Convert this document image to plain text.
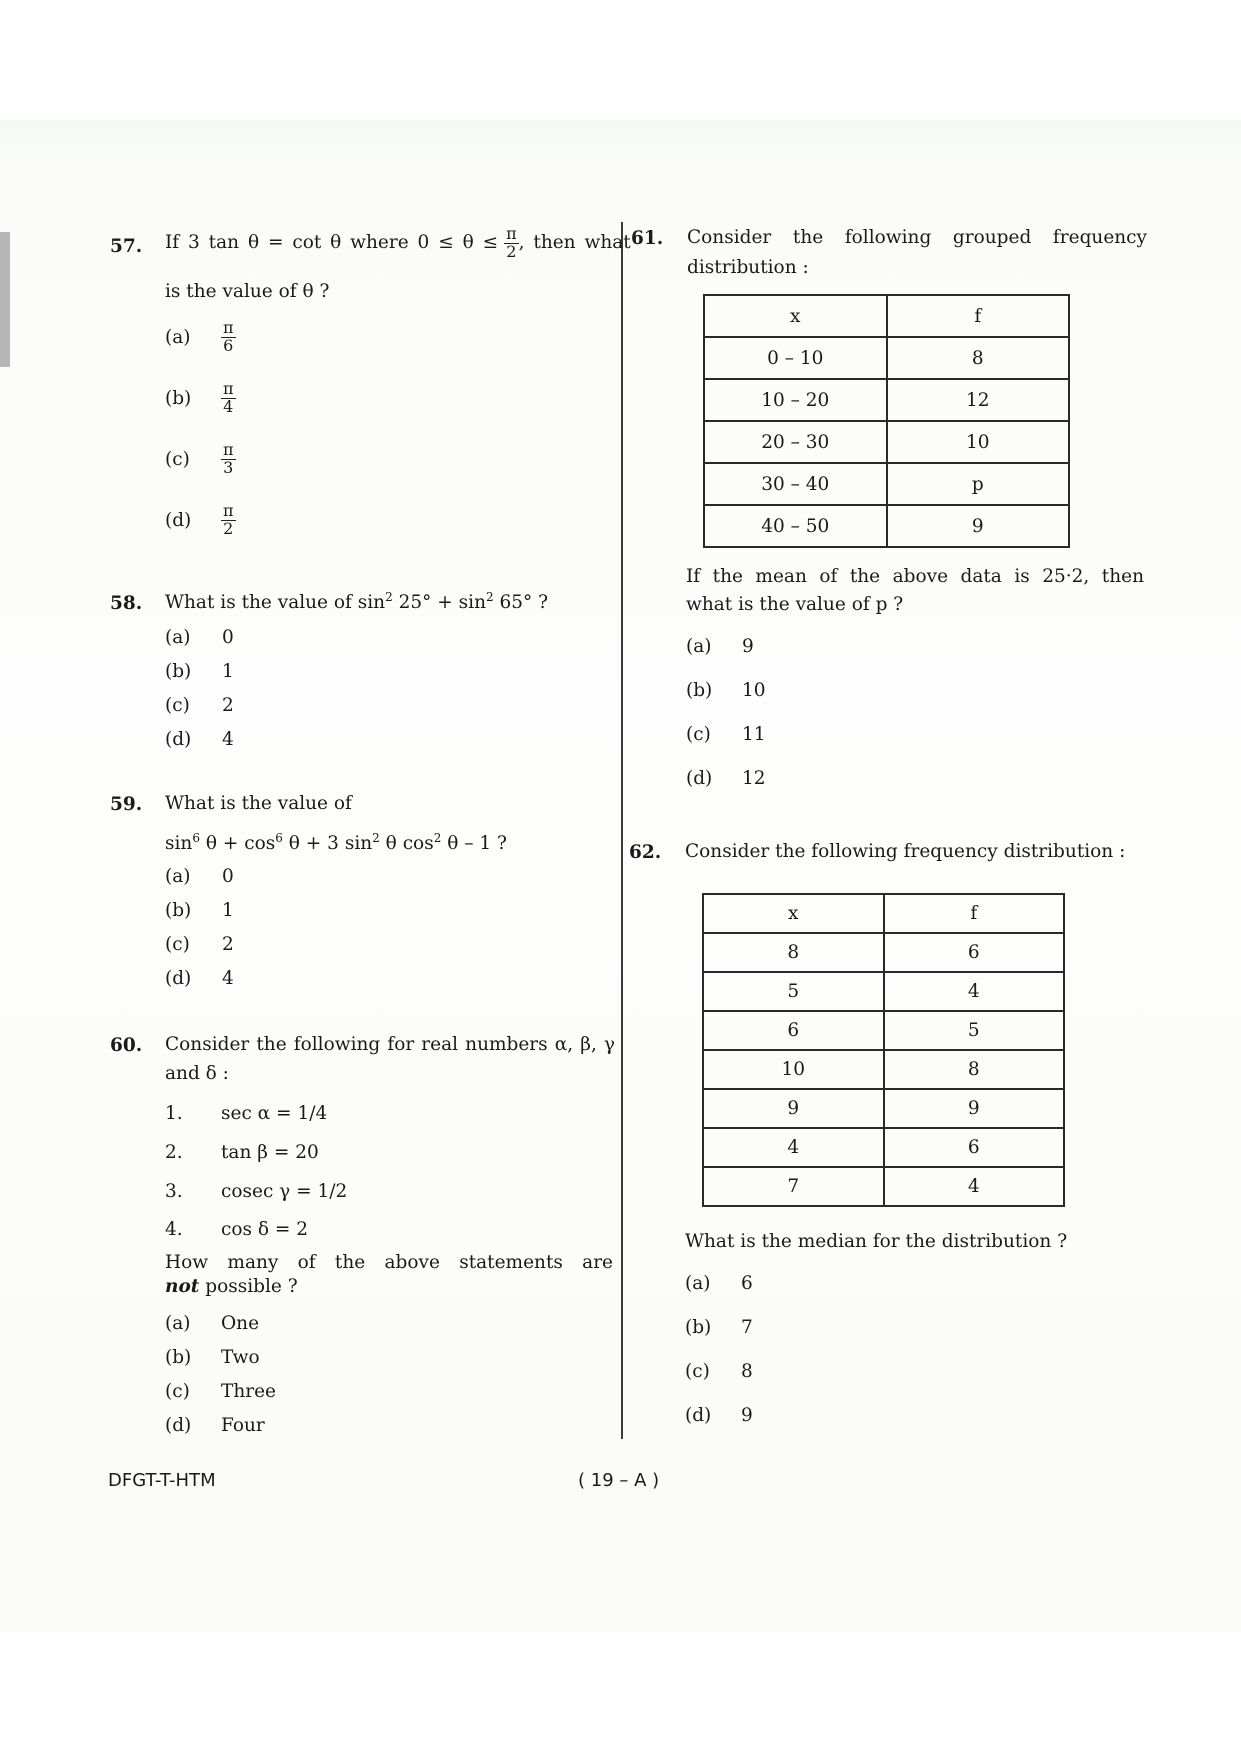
57. If 3 tan θ = cot θ where $0 \le \theta \le \frac{\pi}{2}$ , then what
is the value of θ ?
(a)	$\frac{\pi}{6}$
(b)	$\frac{\pi}{4}$
(c)	$\frac{\pi}{3}$
(d)	$\frac{\pi}{2}$
58. What is the value of $\sin^2 25^\circ + \sin^2 65^\circ$ ?
(a)	0
(b)	1
(c)	2
(d)	4
59. What is the value of
$\sin^6 \theta + \cos^6 \theta + 3$ $\sin^2 \theta$ $\cos^2 \theta - 1$ ?
(a)	0
(b)	1
(c)	2
(d)	4
60. Consider the following for real numbers α, β, γ
and δ :
1.	sec α = 1/4
2.	tan β = 20
3.	cosec γ = 1/2
4.	cos δ = 2
How many of the above statements are
not possible ?
(a)	One
(b)	Two
(c)	Three
(d)	Four
61. Consider the following grouped frequency
distribution :
x	f
0 – 10	8
10 – 20	12
20 – 30	10
30 – 40	p
40 – 50	9
If the mean of the above data is 25·2, then
what is the value of p ?
(a)	9
(b)	10
(c)	11
(d)	12
62. Consider the following frequency distribution :
x	f
8	6
5	4
6	5
10	8
9	9
4	6
7	4
What is the median for the distribution ?
(a)	6
(b)	7
(c)	8
(d)	9
DFGT-T-HTM	( 19 – A )
